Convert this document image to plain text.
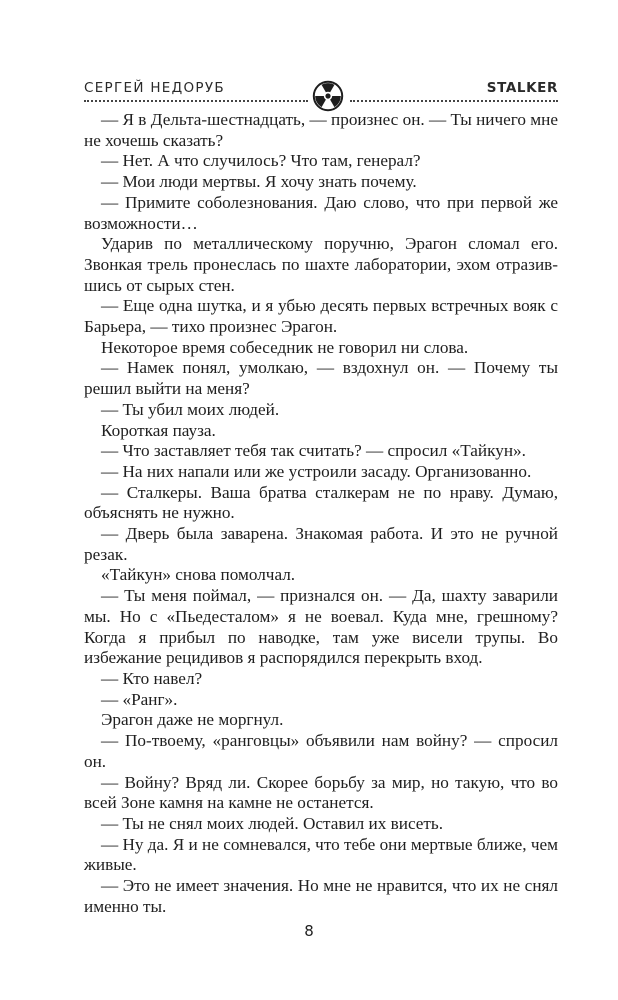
СЕРГЕЙ НЕДОРУБ	STALKER

— Я в Дельта-шестнадцать, — произнес он. — Ты ничего мне не хочешь сказать?

— Нет. А что случилось? Что там, генерал?

— Мои люди мертвы. Я хочу знать почему.

— Примите соболезнования. Даю слово, что при первой же возможности…

Ударив по металлическому поручню, Эрагон сломал его. Звонкая трель пронеслась по шахте лаборатории, эхом отразившись от сырых стен.

— Еще одна шутка, и я убью десять первых встречных вояк с Барьера, — тихо произнес Эрагон.

Некоторое время собеседник не говорил ни слова.

— Намек понял, умолкаю, — вздохнул он. — Почему ты решил выйти на меня?

— Ты убил моих людей.

Короткая пауза.

— Что заставляет тебя так считать? — спросил «Тайкун».

— На них напали или же устроили засаду. Организованно.

— Сталкеры. Ваша братва сталкерам не по нраву. Думаю, объяснять не нужно.

— Дверь была заварена. Знакомая работа. И это не ручной резак.

«Тайкун» снова помолчал.

— Ты меня поймал, — признался он. — Да, шахту заварили мы. Но с «Пьедесталом» я не воевал. Куда мне, грешному? Когда я прибыл по наводке, там уже висели трупы. Во избежание рецидивов я распорядился перекрыть вход.

— Кто навел?

— «Ранг».

Эрагон даже не моргнул.

— По-твоему, «ранговцы» объявили нам войну? — спросил он.

— Войну? Вряд ли. Скорее борьбу за мир, но такую, что во всей Зоне камня на камне не останется.

— Ты не снял моих людей. Оставил их висеть.

— Ну да. Я и не сомневался, что тебе они мертвые ближе, чем живые.

— Это не имеет значения. Но мне не нравится, что их не снял именно ты.

8
